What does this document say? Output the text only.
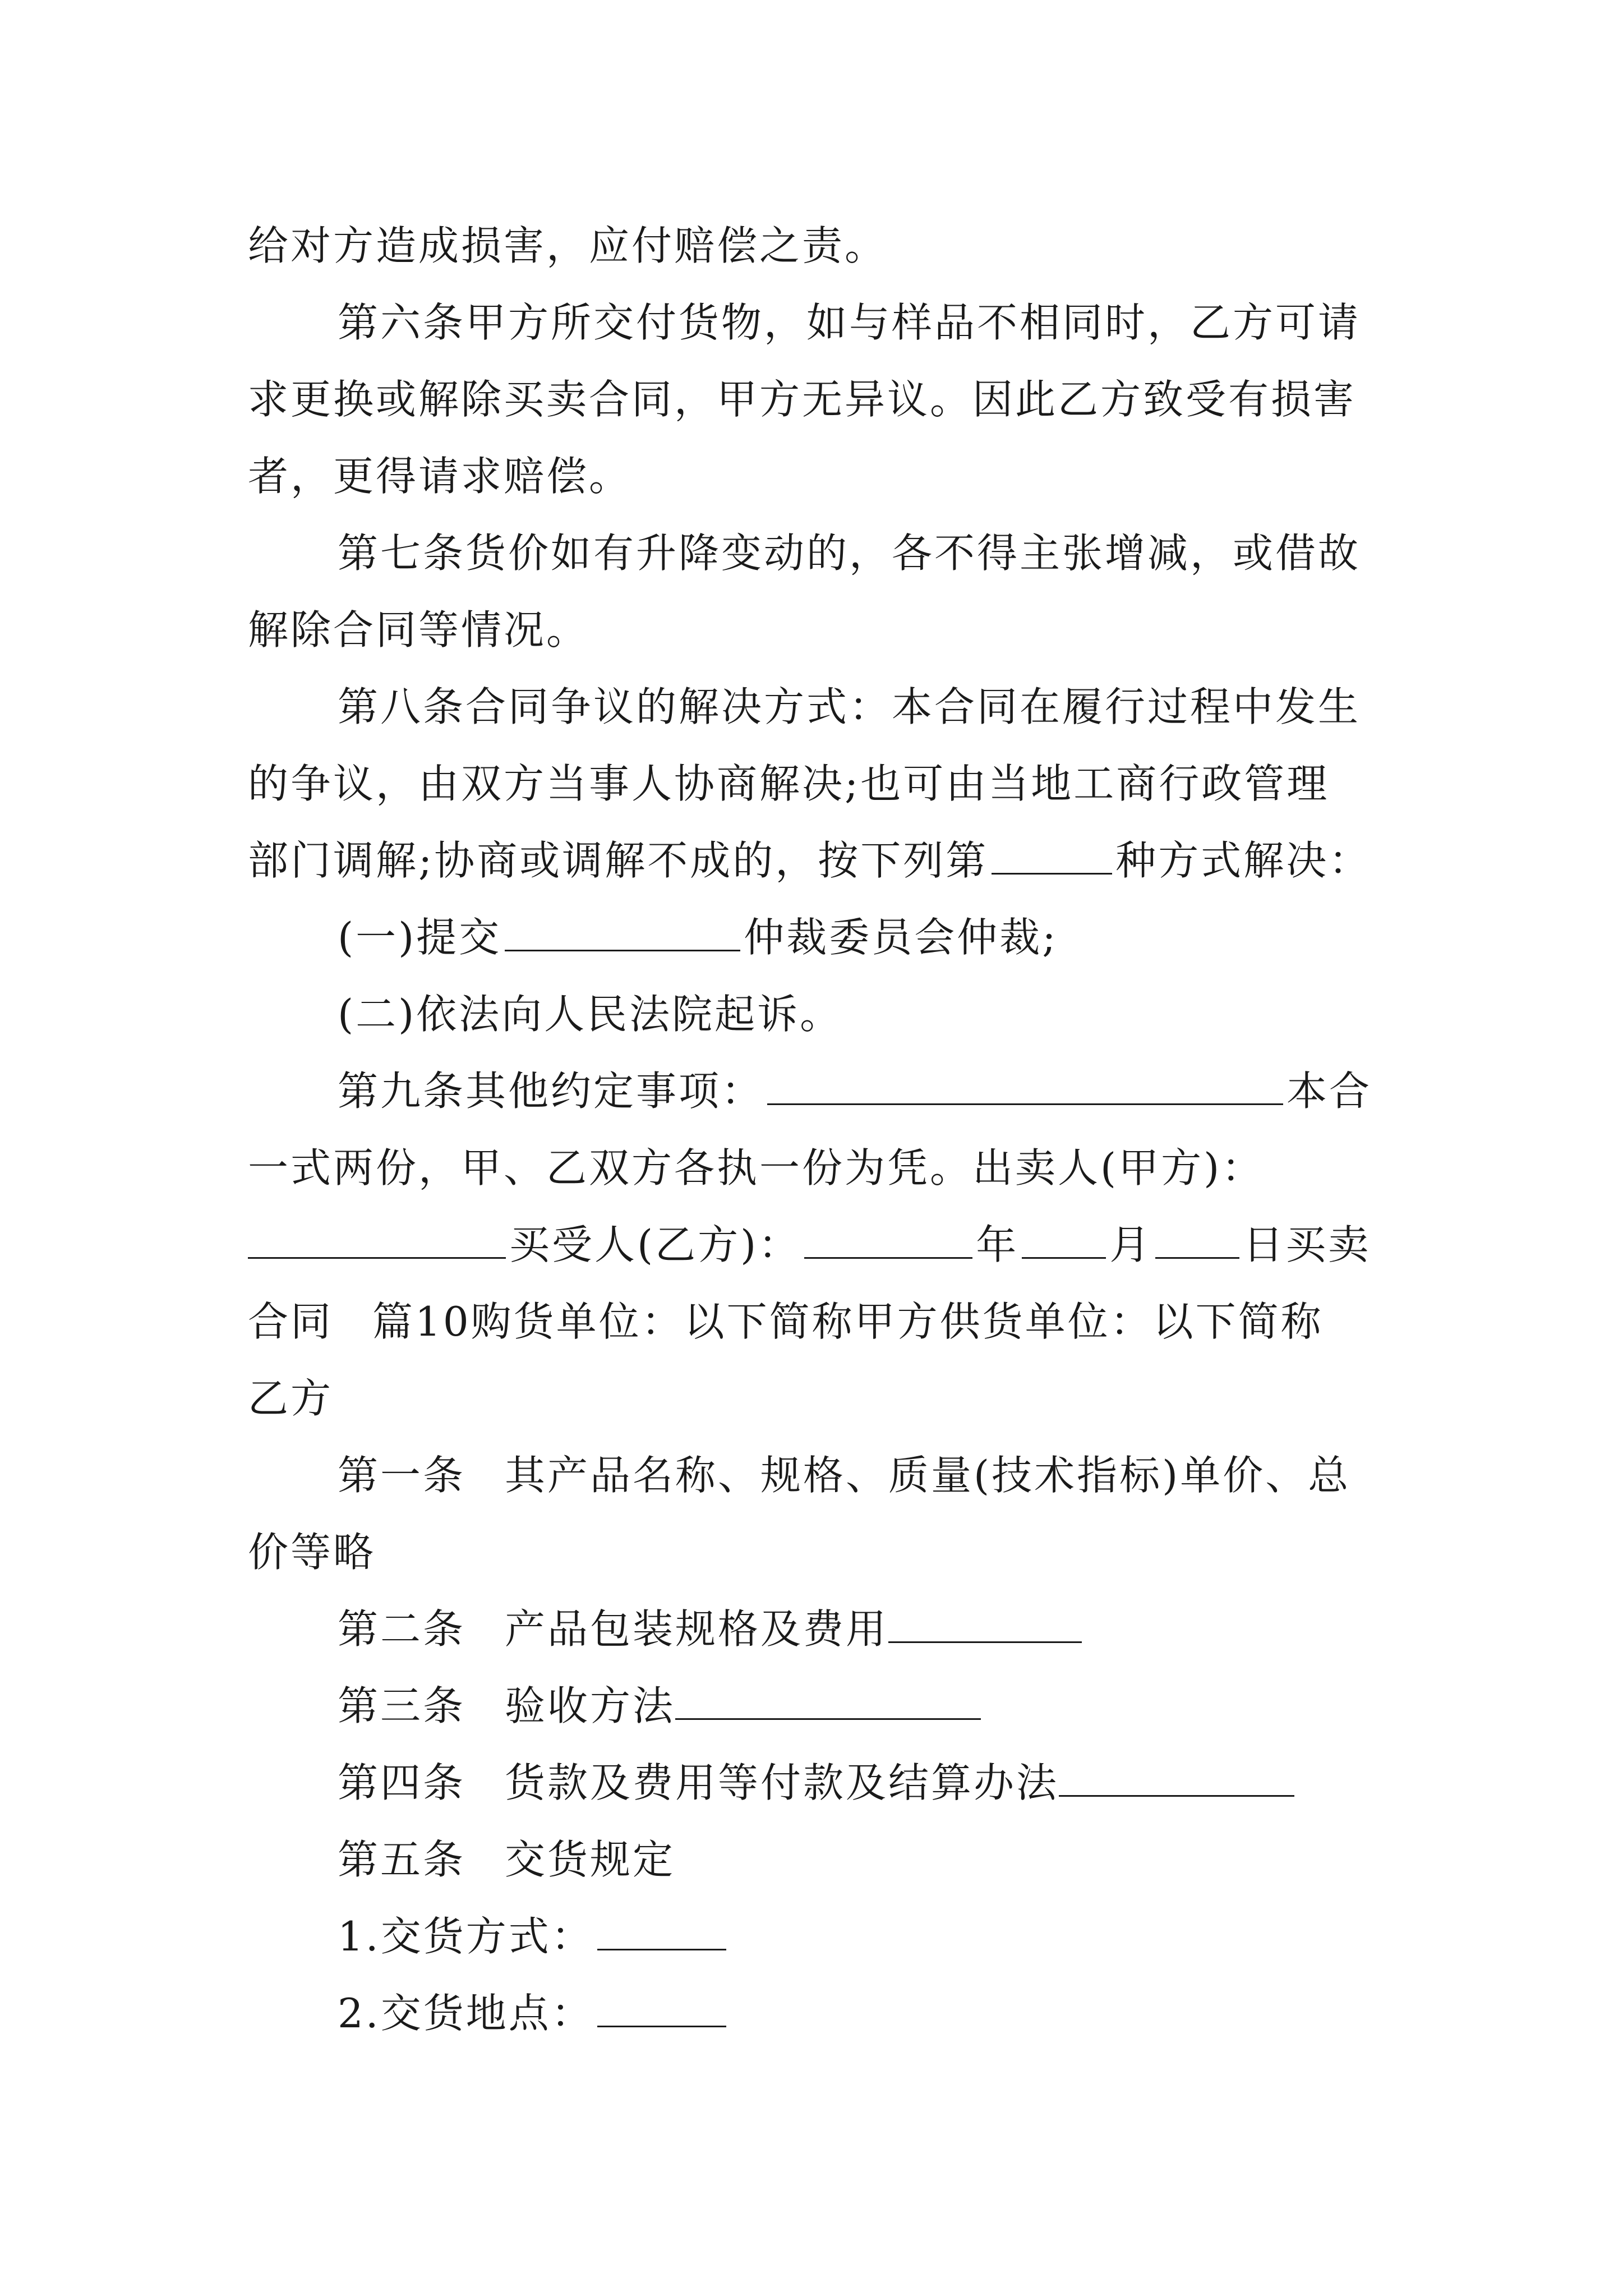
给对方造成损害，应付赔偿之责。
第六条甲方所交付货物，如与样品不相同时，乙方可请
求更换或解除买卖合同，甲方无异议。因此乙方致受有损害
者，更得请求赔偿。
第七条货价如有升降变动的，各不得主张增减，或借故
解除合同等情况。
第八条合同争议的解决方式：本合同在履行过程中发生
的争议，由双方当事人协商解决;也可由当地工商行政管理
部门调解;协商或调解不成的，按下列第	种方式解决：
(一)提交	仲裁委员会仲裁;
(二)依法向人民法院起诉。
第九条其他约定事项：	本合
一式两份，甲、乙双方各执一份为凭。出卖人(甲方)：
买受人(乙方)：	年 月 日买卖
合同 篇10购货单位：以下简称甲方供货单位：以下简称
乙方
第一条 其产品名称、规格、质量(技术指标)单价、总
价等略
第二条 产品包装规格及费用
第三条 验收方法
第四条 货款及费用等付款及结算办法
第五条 交货规定
1.交货方式：
2.交货地点：
